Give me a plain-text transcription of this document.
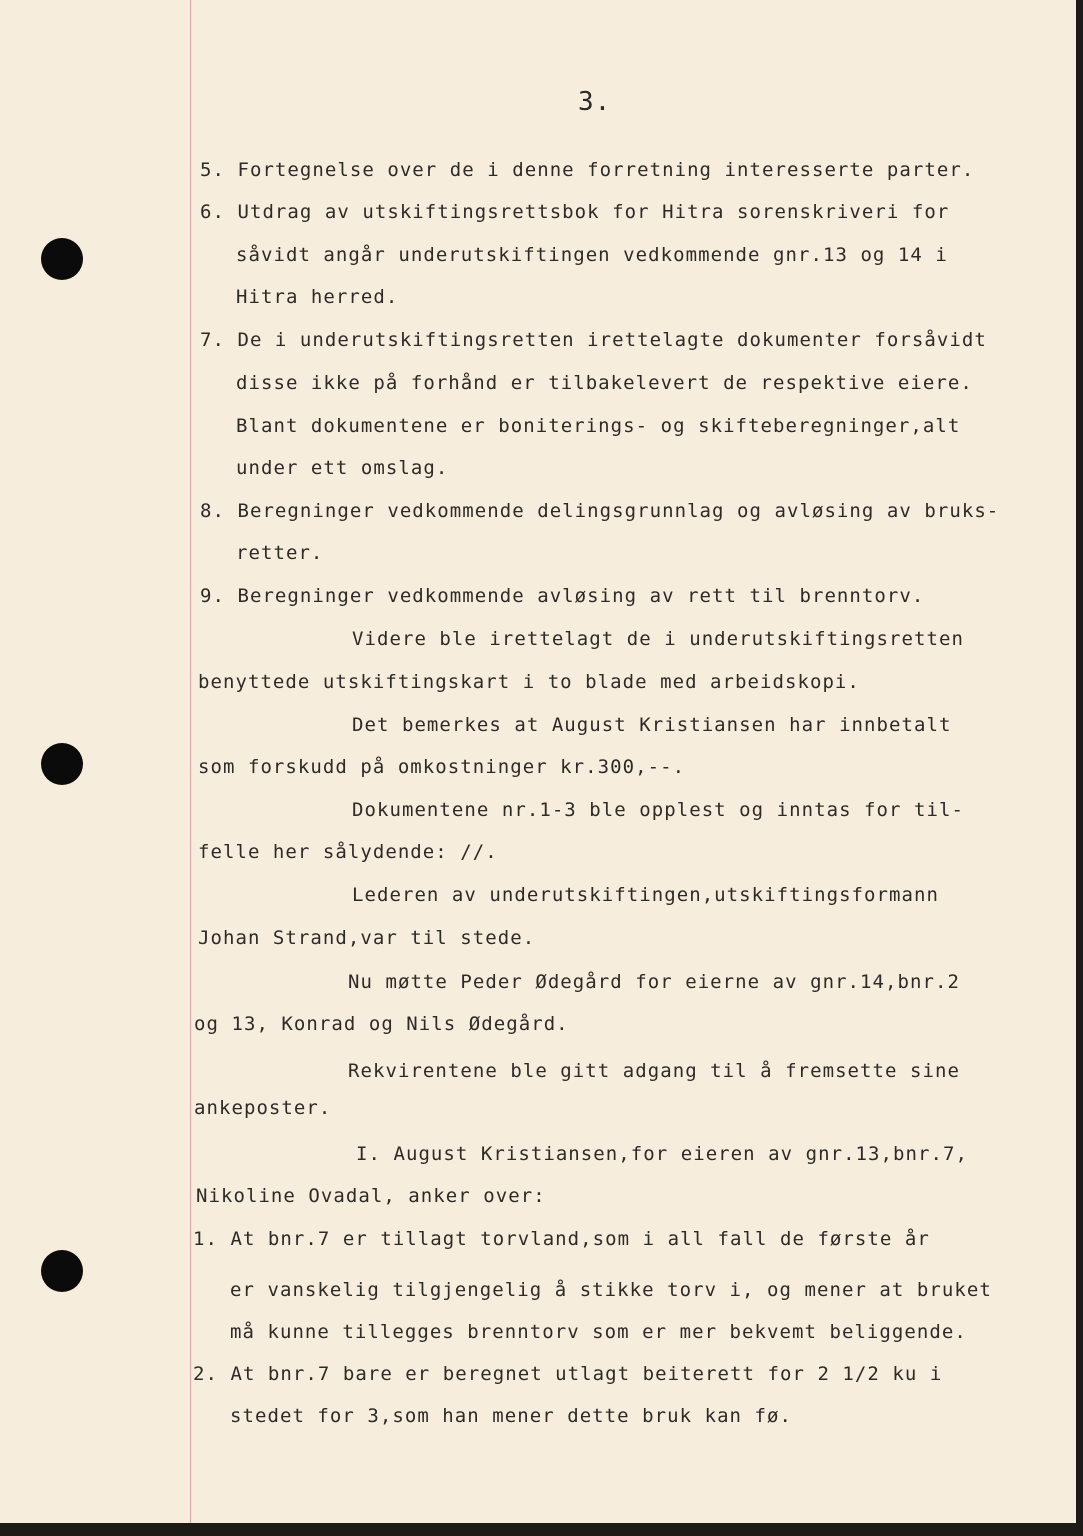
3.
5. Fortegnelse over de i denne forretning interesserte parter.
6. Utdrag av utskiftingsrettsbok for Hitra sorenskriveri for
såvidt angår underutskiftingen vedkommende gnr.13 og 14 i
Hitra herred.
7. De i underutskiftingsretten irettelagte dokumenter forsåvidt
disse ikke på forhånd er tilbakelevert de respektive eiere.
Blant dokumentene er boniterings- og skifteberegninger,alt
under ett omslag.
8. Beregninger vedkommende delingsgrunnlag og avløsing av bruks-
retter.
9. Beregninger vedkommende avløsing av rett til brenntorv.
Videre ble irettelagt de i underutskiftingsretten
benyttede utskiftingskart i to blade med arbeidskopi.
Det bemerkes at August Kristiansen har innbetalt
som forskudd på omkostninger kr.300,--.
Dokumentene nr.1-3 ble opplest og inntas for til-
felle her sålydende: //.
Lederen av underutskiftingen,utskiftingsformann
Johan Strand,var til stede.
Nu møtte Peder Ødegård for eierne av gnr.14,bnr.2
og 13, Konrad og Nils Ødegård.
Rekvirentene ble gitt adgang til å fremsette sine
ankeposter.
I. August Kristiansen,for eieren av gnr.13,bnr.7,
Nikoline Ovadal, anker over:
1. At bnr.7 er tillagt torvland,som i all fall de første år
er vanskelig tilgjengelig å stikke torv i, og mener at bruket
må kunne tillegges brenntorv som er mer bekvemt beliggende.
2. At bnr.7 bare er beregnet utlagt beiterett for 2 1/2 ku i
stedet for 3,som han mener dette bruk kan fø.
